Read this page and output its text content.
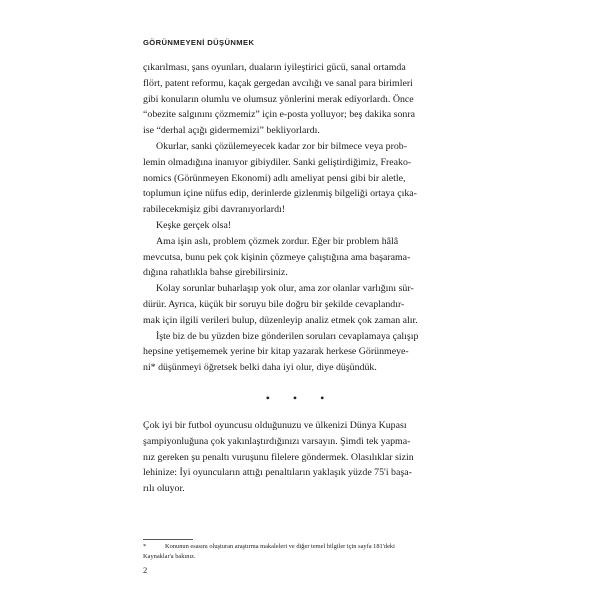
GÖRÜNMEYENİ DÜŞÜNMEK
çıkarılması, şans oyunları, duaların iyileştirici gücü, sanal ortamda
flört, patent reformu, kaçak gergedan avcılığı ve sanal para birimleri
gibi konuların olumlu ve olumsuz yönlerini merak ediyorlardı. Önce
“obezite salgınını çözmemiz” için e-posta yolluyor; beş dakika sonra
ise “derhal açığı gidermemizi” bekliyorlardı.
Okurlar, sanki çözülemeyecek kadar zor bir bilmece veya prob-
lemin olmadığına inanıyor gibiydiler. Sanki geliştirdiğimiz, Freako-
nomics (Görünmeyen Ekonomi) adlı ameliyat pensi gibi bir aletle,
toplumun içine nüfus edip, derinlerde gizlenmiş bilgeliği ortaya çıka-
rabilecekmişiz gibi davranıyorlardı!
Keşke gerçek olsa!
Ama işin aslı, problem çözmek zordur. Eğer bir problem hâlâ
mevcutsa, bunu pek çok kişinin çözmeye çalıştığına ama başarama-
dığına rahatlıkla bahse girebilirsiniz.
Kolay sorunlar buharlaşıp yok olur, ama zor olanlar varlığını sür-
dürür. Ayrıca, küçük bir soruyu bile doğru bir şekilde cevaplandır-
mak için ilgili verileri bulup, düzenleyip analiz etmek çok zaman alır.
İşte biz de bu yüzden bize gönderilen soruları cevaplamaya çalışıp
hepsine yetişememek yerine bir kitap yazarak herkese Görünmeye-
ni* düşünmeyi öğretsek belki daha iyi olur, diye düşündük.
• • •
Çok iyi bir futbol oyuncusu olduğunuzu ve ülkenizi Dünya Kupası
şampiyonluğuna çok yakınlaştırdığınızı varsayın. Şimdi tek yapma-
nız gereken şu penaltı vuruşunu filelere göndermek. Olasılıklar sizin
lehinize: İyi oyuncuların attığı penaltıların yaklaşık yüzde 75'i başa-
rılı oluyor.
*	Konunun esasını oluşturan araştırma makaleleri ve diğer temel bilgiler için sayfa 181'deki
Kaynaklar'a bakınız.
2
